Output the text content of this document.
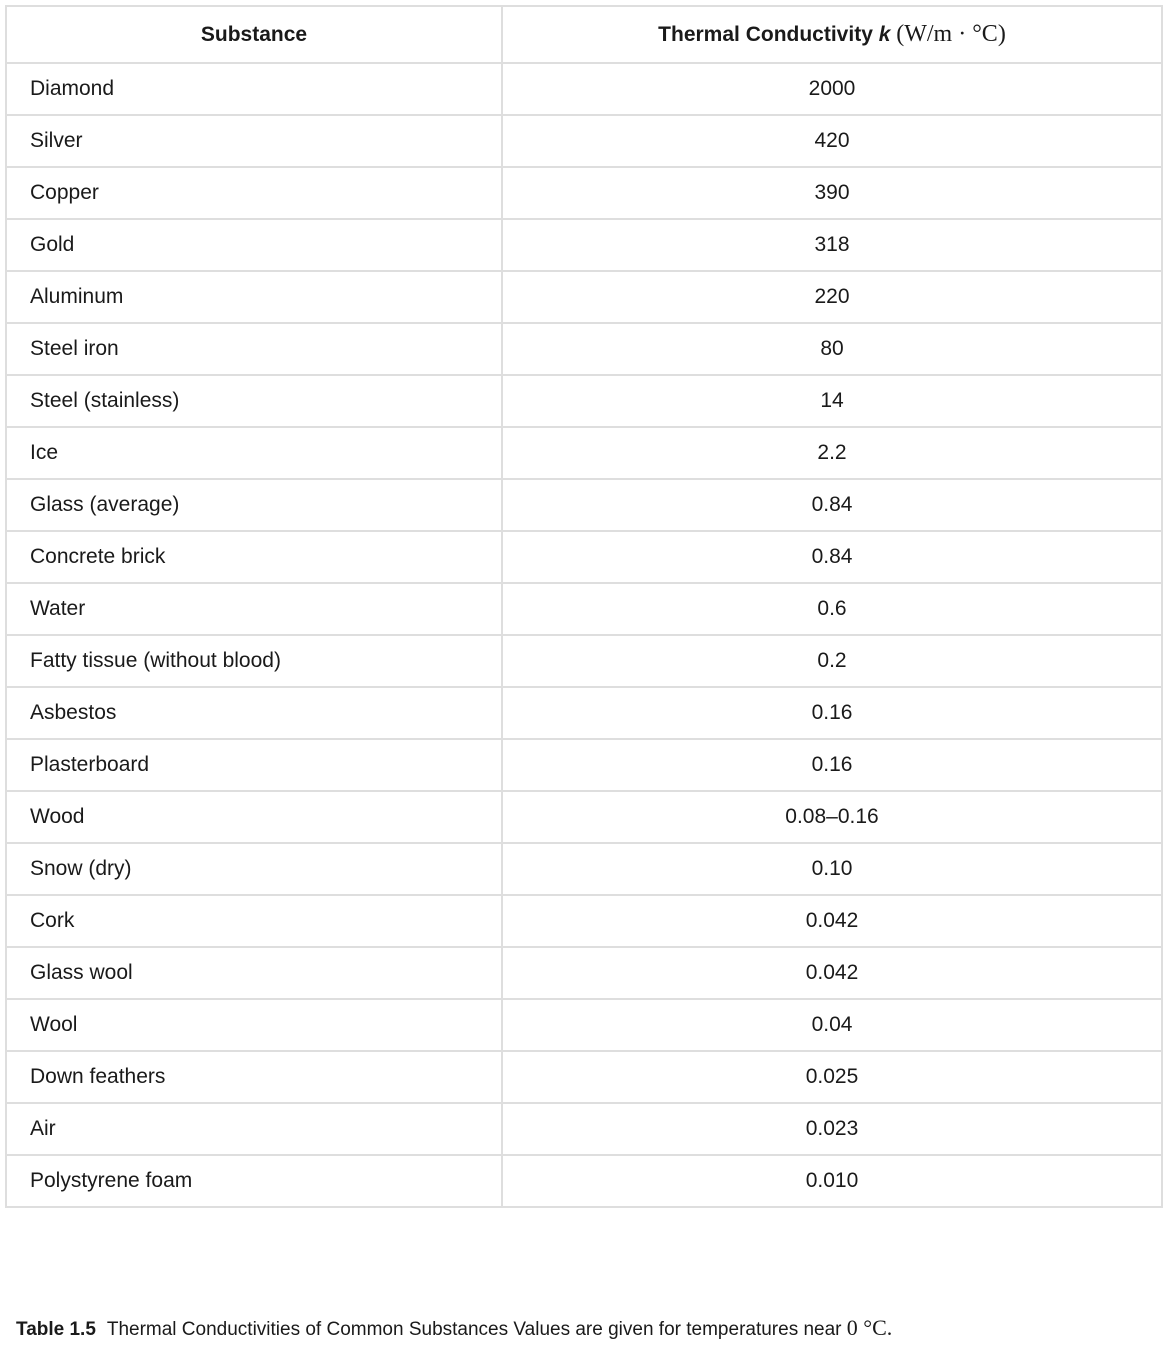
Substance	Thermal Conductivity k (W/m · °C)
Diamond	2000
Silver	420
Copper	390
Gold	318
Aluminum	220
Steel iron	80
Steel (stainless)	14
Ice	2.2
Glass (average)	0.84
Concrete brick	0.84
Water	0.6
Fatty tissue (without blood)	0.2
Asbestos	0.16
Plasterboard	0.16
Wood	0.08–0.16
Snow (dry)	0.10
Cork	0.042
Glass wool	0.042
Wool	0.04
Down feathers	0.025
Air	0.023
Polystyrene foam	0.010
Table 1.5 Thermal Conductivities of Common Substances Values are given for temperatures near 0 °C.
